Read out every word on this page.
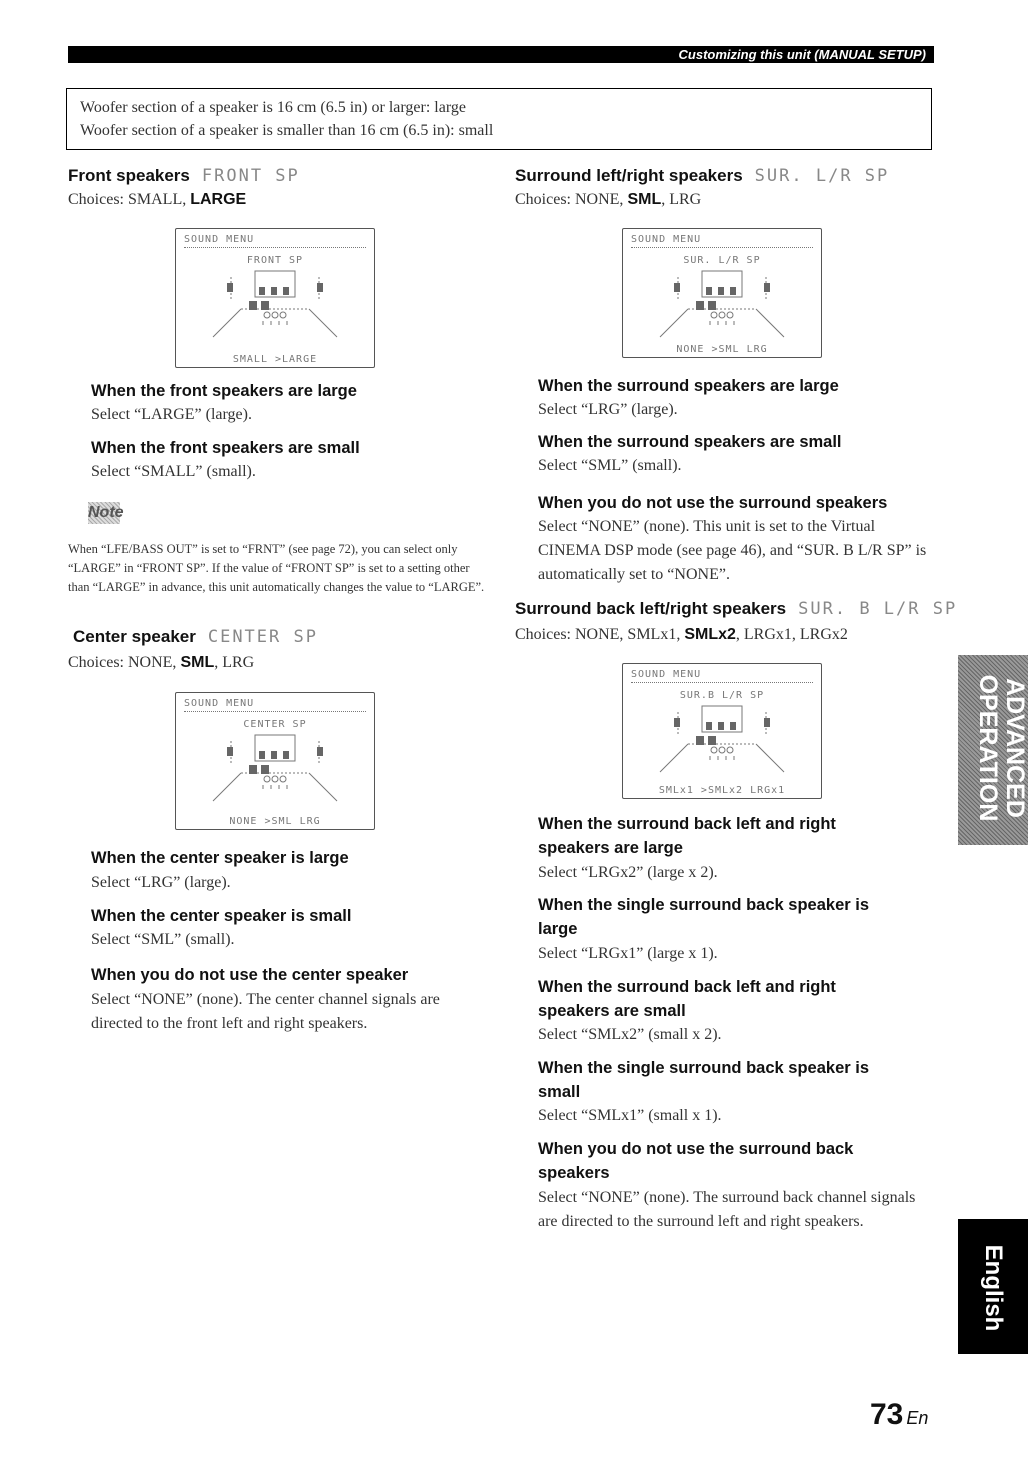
Customizing this unit (MANUAL SETUP)
Woofer section of a speaker is 16 cm (6.5 in) or larger: large
Woofer section of a speaker is smaller than 16 cm (6.5 in): small
Front speakers FRONT SP
Choices: SMALL, LARGE
SOUND MENU
FRONT SP
SMALL >LARGE
When the front speakers are large
Select “LARGE” (large).
When the front speakers are small
Select “SMALL” (small).
Note
When “LFE/BASS OUT” is set to “FRNT” (see page 72), you can select only “LARGE” in “FRONT SP”. If the value of “FRONT SP” is set to a setting other than “LARGE” in advance, this unit automatically changes the value to “LARGE”.
Center speaker CENTER SP
Choices: NONE, SML, LRG
SOUND MENU
CENTER SP
NONE >SML LRG
When the center speaker is large
Select “LRG” (large).
When the center speaker is small
Select “SML” (small).
When you do not use the center speaker
Select “NONE” (none). The center channel signals are directed to the front left and right speakers.
Surround left/right speakers SUR. L/R SP
Choices: NONE, SML, LRG
SOUND MENU
SUR. L/R SP
NONE >SML LRG
When the surround speakers are large
Select “LRG” (large).
When the surround speakers are small
Select “SML” (small).
When you do not use the surround speakers
Select “NONE” (none). This unit is set to the Virtual CINEMA DSP mode (see page 46), and “SUR. B L/R SP” is automatically set to “NONE”.
Surround back left/right speakers SUR. B L/R SP
Choices: NONE, SMLx1, SMLx2, LRGx1, LRGx2
SOUND MENU
SUR.B L/R SP
SMLx1 >SMLx2 LRGx1
When the surround back left and right speakers are large
Select “LRGx2” (large x 2).
When the single surround back speaker is large
Select “LRGx1” (large x 1).
When the surround back left and right speakers are small
Select “SMLx2” (small x 2).
When the single surround back speaker is small
Select “SMLx1” (small x 1).
When you do not use the surround back speakers
Select “NONE” (none). The surround back channel signals are directed to the surround left and right speakers.
ADVANCED OPERATION
English
73 En
